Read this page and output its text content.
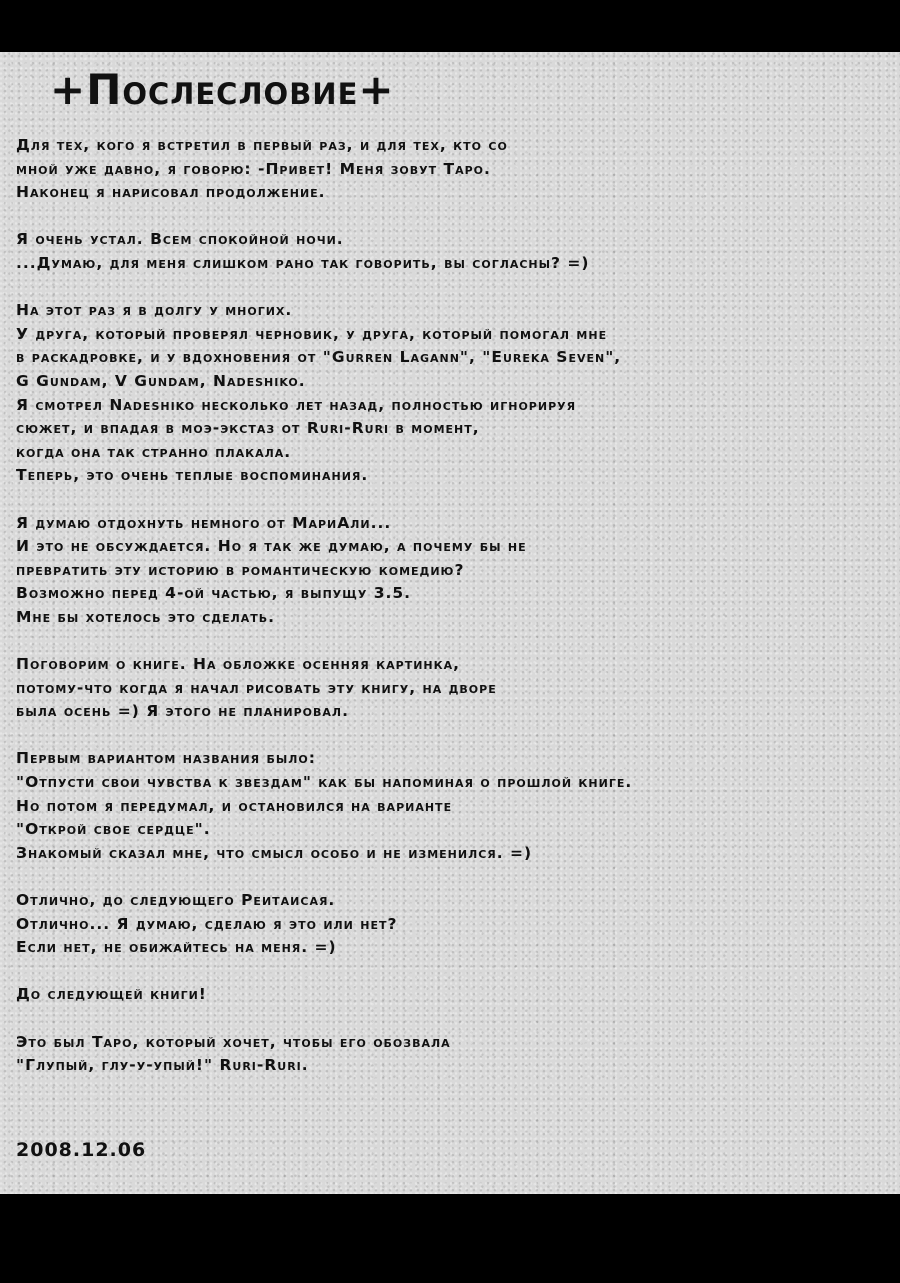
+Послесловие+
Для тех, кого я встретил в первый раз, и для тех, кто со
мной уже давно, я говорю: -Привет! Меня зовут Таро.
Наконец я нарисовал продолжение.
Я очень устал. Всем спокойной ночи.
...Думаю, для меня слишком рано так говорить, вы согласны? =)
На этот раз я в долгу у многих.
У друга, который проверял черновик, у друга, который помогал мне
в раскадровке, и у вдохновения от "Gurren Lagann", "Eureka Seven",
G Gundam, V Gundam, Nadeshiko.
Я смотрел Nadeshiko несколько лет назад, полностью игнорируя
сюжет, и впадая в моэ-экстаз от Ruri-Ruri в момент,
когда она так странно плакала.
Теперь, это очень теплые воспоминания.
Я думаю отдохнуть немного от МариАли...
И это не обсуждается. Но я так же думаю, а почему бы не
превратить эту историю в романтическую комедию?
Возможно перед 4-ой частью, я выпущу 3.5.
Мне бы хотелось это сделать.
Поговорим о книге. На обложке осенняя картинка,
потому-что когда я начал рисовать эту книгу, на дворе
была осень =) Я этого не планировал.
Первым вариантом названия было:
"Отпусти свои чувства к звездам" как бы напоминая о прошлой книге.
Но потом я передумал, и остановился на варианте
"Открой свое сердце".
Знакомый сказал мне, что смысл особо и не изменился. =)
Отлично, до следующего Реитаисая.
Отлично... Я думаю, сделаю я это или нет?
Если нет, не обижайтесь на меня. =)
До следующей книги!
Это был Таро, который хочет, чтобы его обозвала
"Глупый, глу-у-упый!" Ruri-Ruri.
2008.12.06
